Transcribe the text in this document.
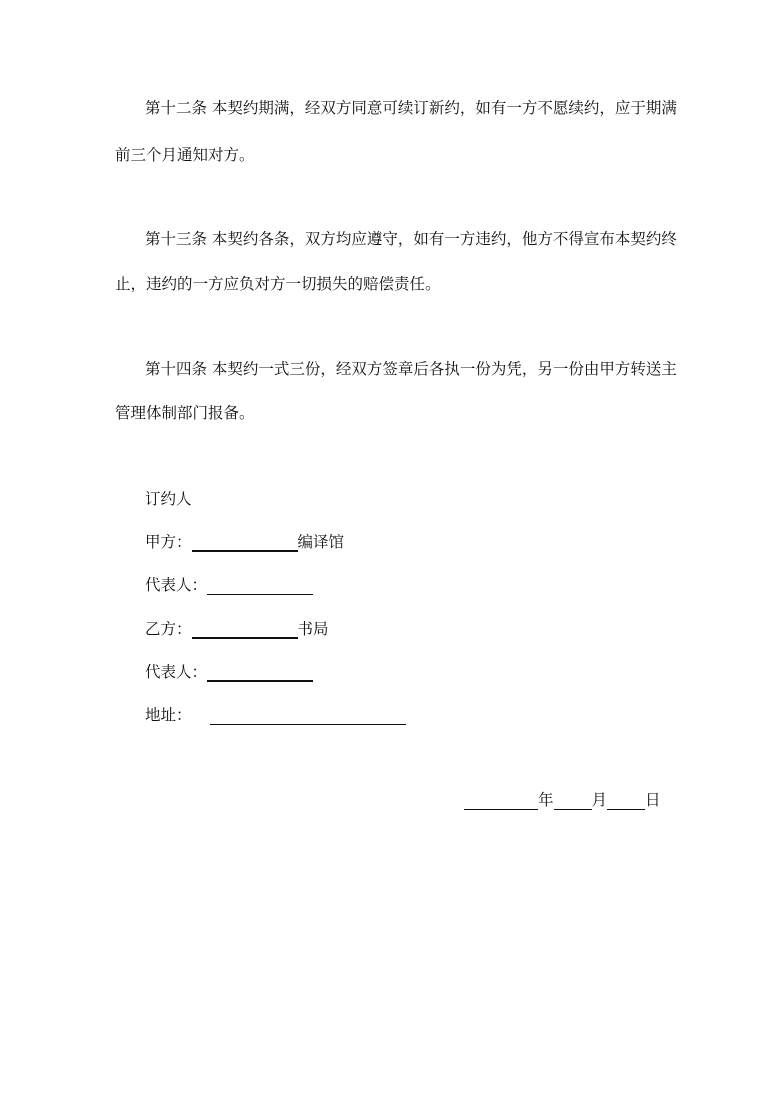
第十二条 本契约期满，经双方同意可续订新约，如有一方不愿续约，应于期满
前三个月通知对方。
第十三条 本契约各条，双方均应遵守，如有一方违约，他方不得宣布本契约终
止，违约的一方应负对方一切损失的赔偿责任。
第十四条 本契约一式三份，经双方签章后各执一份为凭，另一份由甲方转送主
管理体制部门报备。
订约人
甲方：	编译馆
代表人：
乙方：	书局
代表人：
地址：
年 月 日
